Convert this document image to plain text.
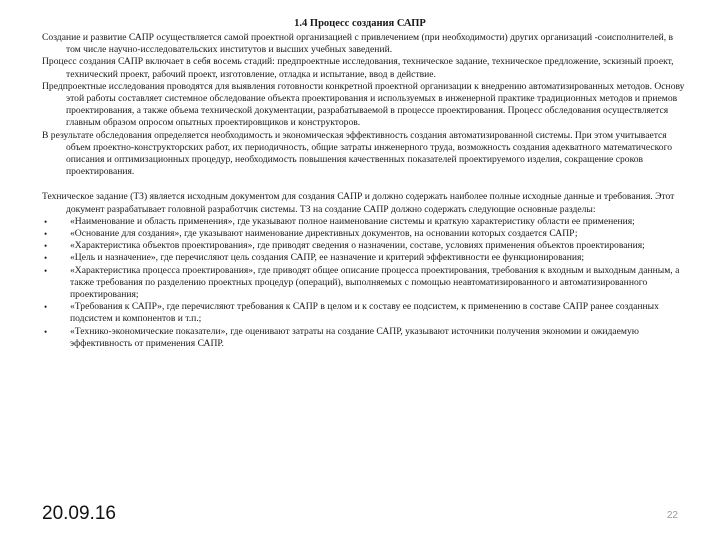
1.4 Процесс создания САПР

Создание и развитие САПР осуществляется самой проектной организацией с привлечением (при необходимости) других организаций -соисполнителей, в том числе научно-исследовательских институтов и высших учебных заведений.

Процесс создания САПР включает в себя восемь стадий: предпроектные исследования, техническое задание, техническое предложение, эскизный проект, технический проект, рабочий проект, изготовление, отладка и испытание, ввод в действие.

Предпроектные исследования проводятся для выявления готовности конкретной проектной организации к внедрению автоматизированных методов. Основу этой работы составляет системное обследование объекта проектирования и используемых в инженерной практике традиционных методов и приемов проектирования, а также объема технической документации, разрабатываемой в процессе проектирования. Процесс обследования осуществляется главным образом опросом опытных проектировщиков и конструкторов.

В результате обследования определяется необходимость и экономическая эффективность создания автоматизированной системы. При этом учитывается объем проектно-конструкторских работ, их периодичность, общие затраты инженерного труда, возможность создания адекватного математического описания и оптимизационных процедур, необходимость повышения качественных показателей проектируемого изделия, сокращение сроков проектирования.

Техническое задание (ТЗ) является исходным документом для создания САПР и должно содержать наиболее полные исходные данные и требования. Этот документ разрабатывает головной разработчик системы. ТЗ на создание САПР должно содержать следующие основные разделы:

• «Наименование и область применения», где указывают полное наименование системы и краткую характеристику области ее применения;
• «Основание для создания», где указывают наименование директивных документов, на основании которых создается САПР;
• «Характеристика объектов проектирования», где приводят сведения о назначении, составе, условиях применения объектов проектирования;
• «Цель и назначение», где перечисляют цель создания САПР, ее назначение и критерий эффективности ее функционирования;
• «Характеристика процесса проектирования», где приводят общее описание процесса проектирования, требования к входным и выходным данным, а также требования по разделению проектных процедур (операций), выполняемых с помощью неавтоматизированного и автоматизированного проектирования;
• «Требования к САПР», где перечисляют требования к САПР в целом и к составу ее подсистем, к применению в составе САПР ранее созданных подсистем и компонентов и т.п.;
• «Технико-экономические показатели», где оценивают затраты на создание САПР, указывают источники получения экономии и ожидаемую эффективность от применения САПР.
20.09.16	22
